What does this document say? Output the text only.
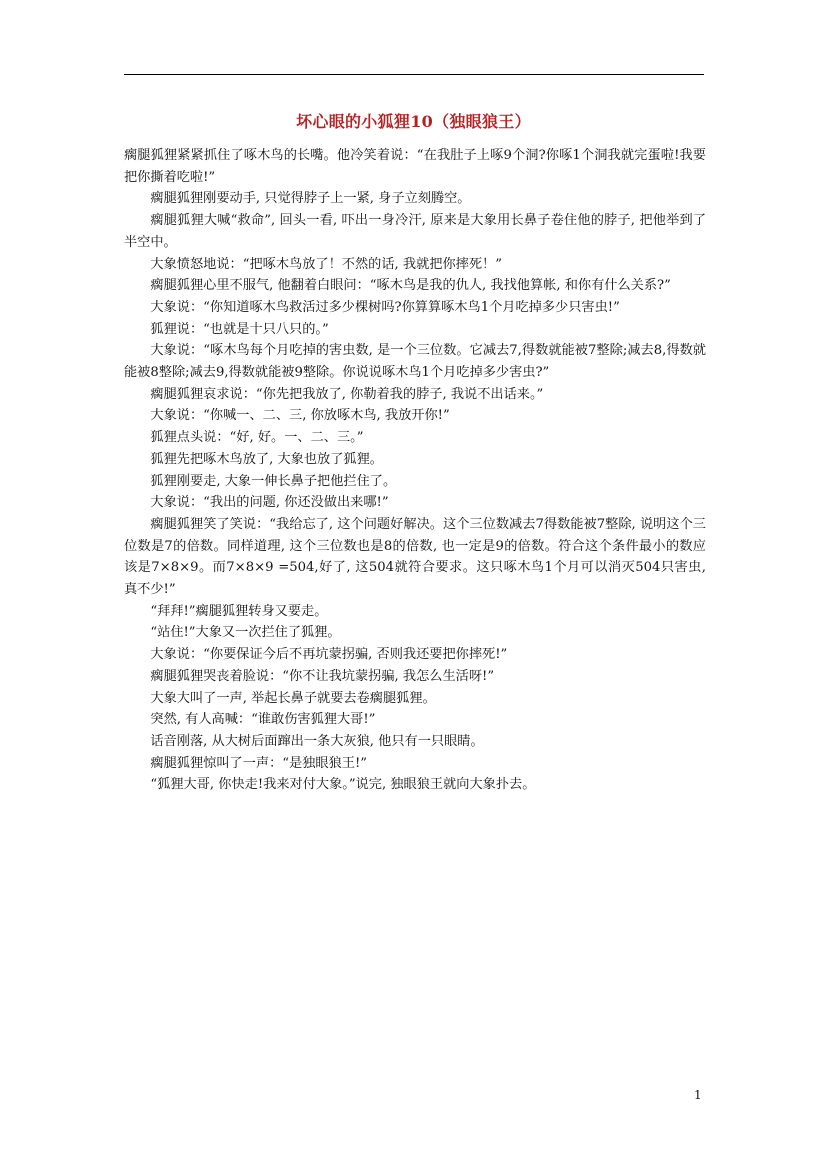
坏心眼的小狐狸10（独眼狼王）

瘸腿狐狸紧紧抓住了啄木鸟的长嘴。他冷笑着说：“在我肚子上啄9个洞?你啄1个洞我就完蛋啦!我要把你撕着吃啦!”

瘸腿狐狸刚要动手, 只觉得脖子上一紧, 身子立刻腾空。

瘸腿狐狸大喊“救命”, 回头一看, 吓出一身冷汗, 原来是大象用长鼻子卷住他的脖子, 把他举到了半空中。

大象愤怒地说：“把啄木鸟放了！不然的话, 我就把你摔死！”

瘸腿狐狸心里不服气, 他翻着白眼问：“啄木鸟是我的仇人, 我找他算帐, 和你有什么关系?”

大象说：“你知道啄木鸟救活过多少棵树吗?你算算啄木鸟1个月吃掉多少只害虫!”

狐狸说：“也就是十只八只的。”

大象说：“啄木鸟每个月吃掉的害虫数, 是一个三位数。它减去7,得数就能被7整除;减去8,得数就能被8整除;减去9,得数就能被9整除。你说说啄木鸟1个月吃掉多少害虫?”

瘸腿狐狸哀求说：“你先把我放了, 你勒着我的脖子, 我说不出话来。”

大象说：“你喊一、二、三, 你放啄木鸟, 我放开你!”

狐狸点头说：“好, 好。一、二、三。”

狐狸先把啄木鸟放了, 大象也放了狐狸。

狐狸刚要走, 大象一伸长鼻子把他拦住了。

大象说：“我出的问题, 你还没做出来哪!”

瘸腿狐狸笑了笑说：“我给忘了, 这个问题好解决。这个三位数减去7得数能被7整除, 说明这个三位数是7的倍数。同样道理, 这个三位数也是8的倍数, 也一定是9的倍数。符合这个条件最小的数应该是7×8×9。而7×8×9 =504,好了, 这504就符合要求。这只啄木鸟1个月可以消灭504只害虫, 真不少!”

“拜拜!”瘸腿狐狸转身又要走。

“站住!”大象又一次拦住了狐狸。

大象说：“你要保证今后不再坑蒙拐骗, 否则我还要把你摔死!”

瘸腿狐狸哭丧着脸说：“你不让我坑蒙拐骗, 我怎么生活呀!”

大象大叫了一声, 举起长鼻子就要去卷瘸腿狐狸。

突然, 有人高喊：“谁敢伤害狐狸大哥!”

话音刚落, 从大树后面蹿出一条大灰狼, 他只有一只眼睛。

瘸腿狐狸惊叫了一声：“是独眼狼王!”

“狐狸大哥, 你快走!我来对付大象。”说完, 独眼狼王就向大象扑去。

1
